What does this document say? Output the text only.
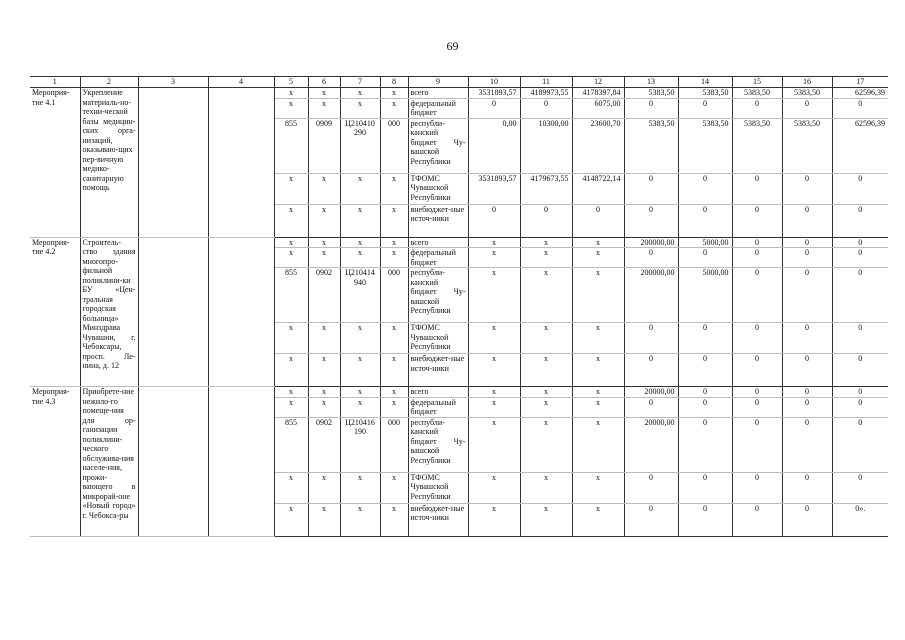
69
1	2	3	4	5	6	7	8	9	10	11	12	13	14	15	16	17
Мероприя-тие 4.1	Укрепление материаль-но-техни-ческой базы медицин-ских орга-низаций, оказываю-щих пер-вичную медико-санитарную помощь			x	x	x	x	всего	3531893,57	4189973,55	4178397,84	5383,50	5383,50	5383,50	5383,50	62596,39
				x	x	x	x	федеральный бюджет	0	0	6075,00	0	0	0	0	0
				855	0909	Ц210410 290	000	республи-канский бюджет Чу-вашской Республики	0,00	10300,00	23600,70	5383,50	5383,50	5383,50	5383,50	62596,39
				x	x	x	x	ТФОМС Чувашской Республики	3531893,57	4179673,55	4148722,14	0	0	0	0	0
				x	x	x	x	внебюджет-ные источ-ники	0	0	0	0	0	0	0	0
Мероприя-тие 4.2	Строитель-ство здания многопро-фильной поликлини-ки БУ «Цен-тральная городская больница» Минздрава Чувашии, г. Чебоксары, просп. Ле-нина, д. 12			x	x	x	x	всего	x	x	x	200000,00	5000,00	0	0	0
				x	x	x	x	федеральный бюджет	x	x	x	0	0	0	0	0
				855	0902	Ц210414 940	000	республи-канский бюджет Чу-вашской Республики	x	x	x	200000,00	5000,00	0	0	0
				x	x	x	x	ТФОМС Чувашской Республики	x	x	x	0	0	0	0	0
				x	x	x	x	внебюджет-ные источ-ники	x	x	x	0	0	0	0	0
Мероприя-тие 4.3	Приобрете-ние нежило-го помеще-ния для ор-ганизации поликлини-ческого обслужива-ния населе-ния, прожи-вающего в микрорай-оне «Новый город» г. Чебокса-ры			x	x	x	x	всего	x	x	x	20000,00	0	0	0	0
				x	x	x	x	федеральный бюджет	x	x	x	0	0	0	0	0
				855	0902	Ц210416 190	000	республи-канский бюджет Чу-вашской Республики	x	x	x	20000,00	0	0	0	0
				x	x	x	x	ТФОМС Чувашской Республики	x	x	x	0	0	0	0	0
				x	x	x	x	внебюджет-ные источ-ники	x	x	x	0	0	0	0	0».
